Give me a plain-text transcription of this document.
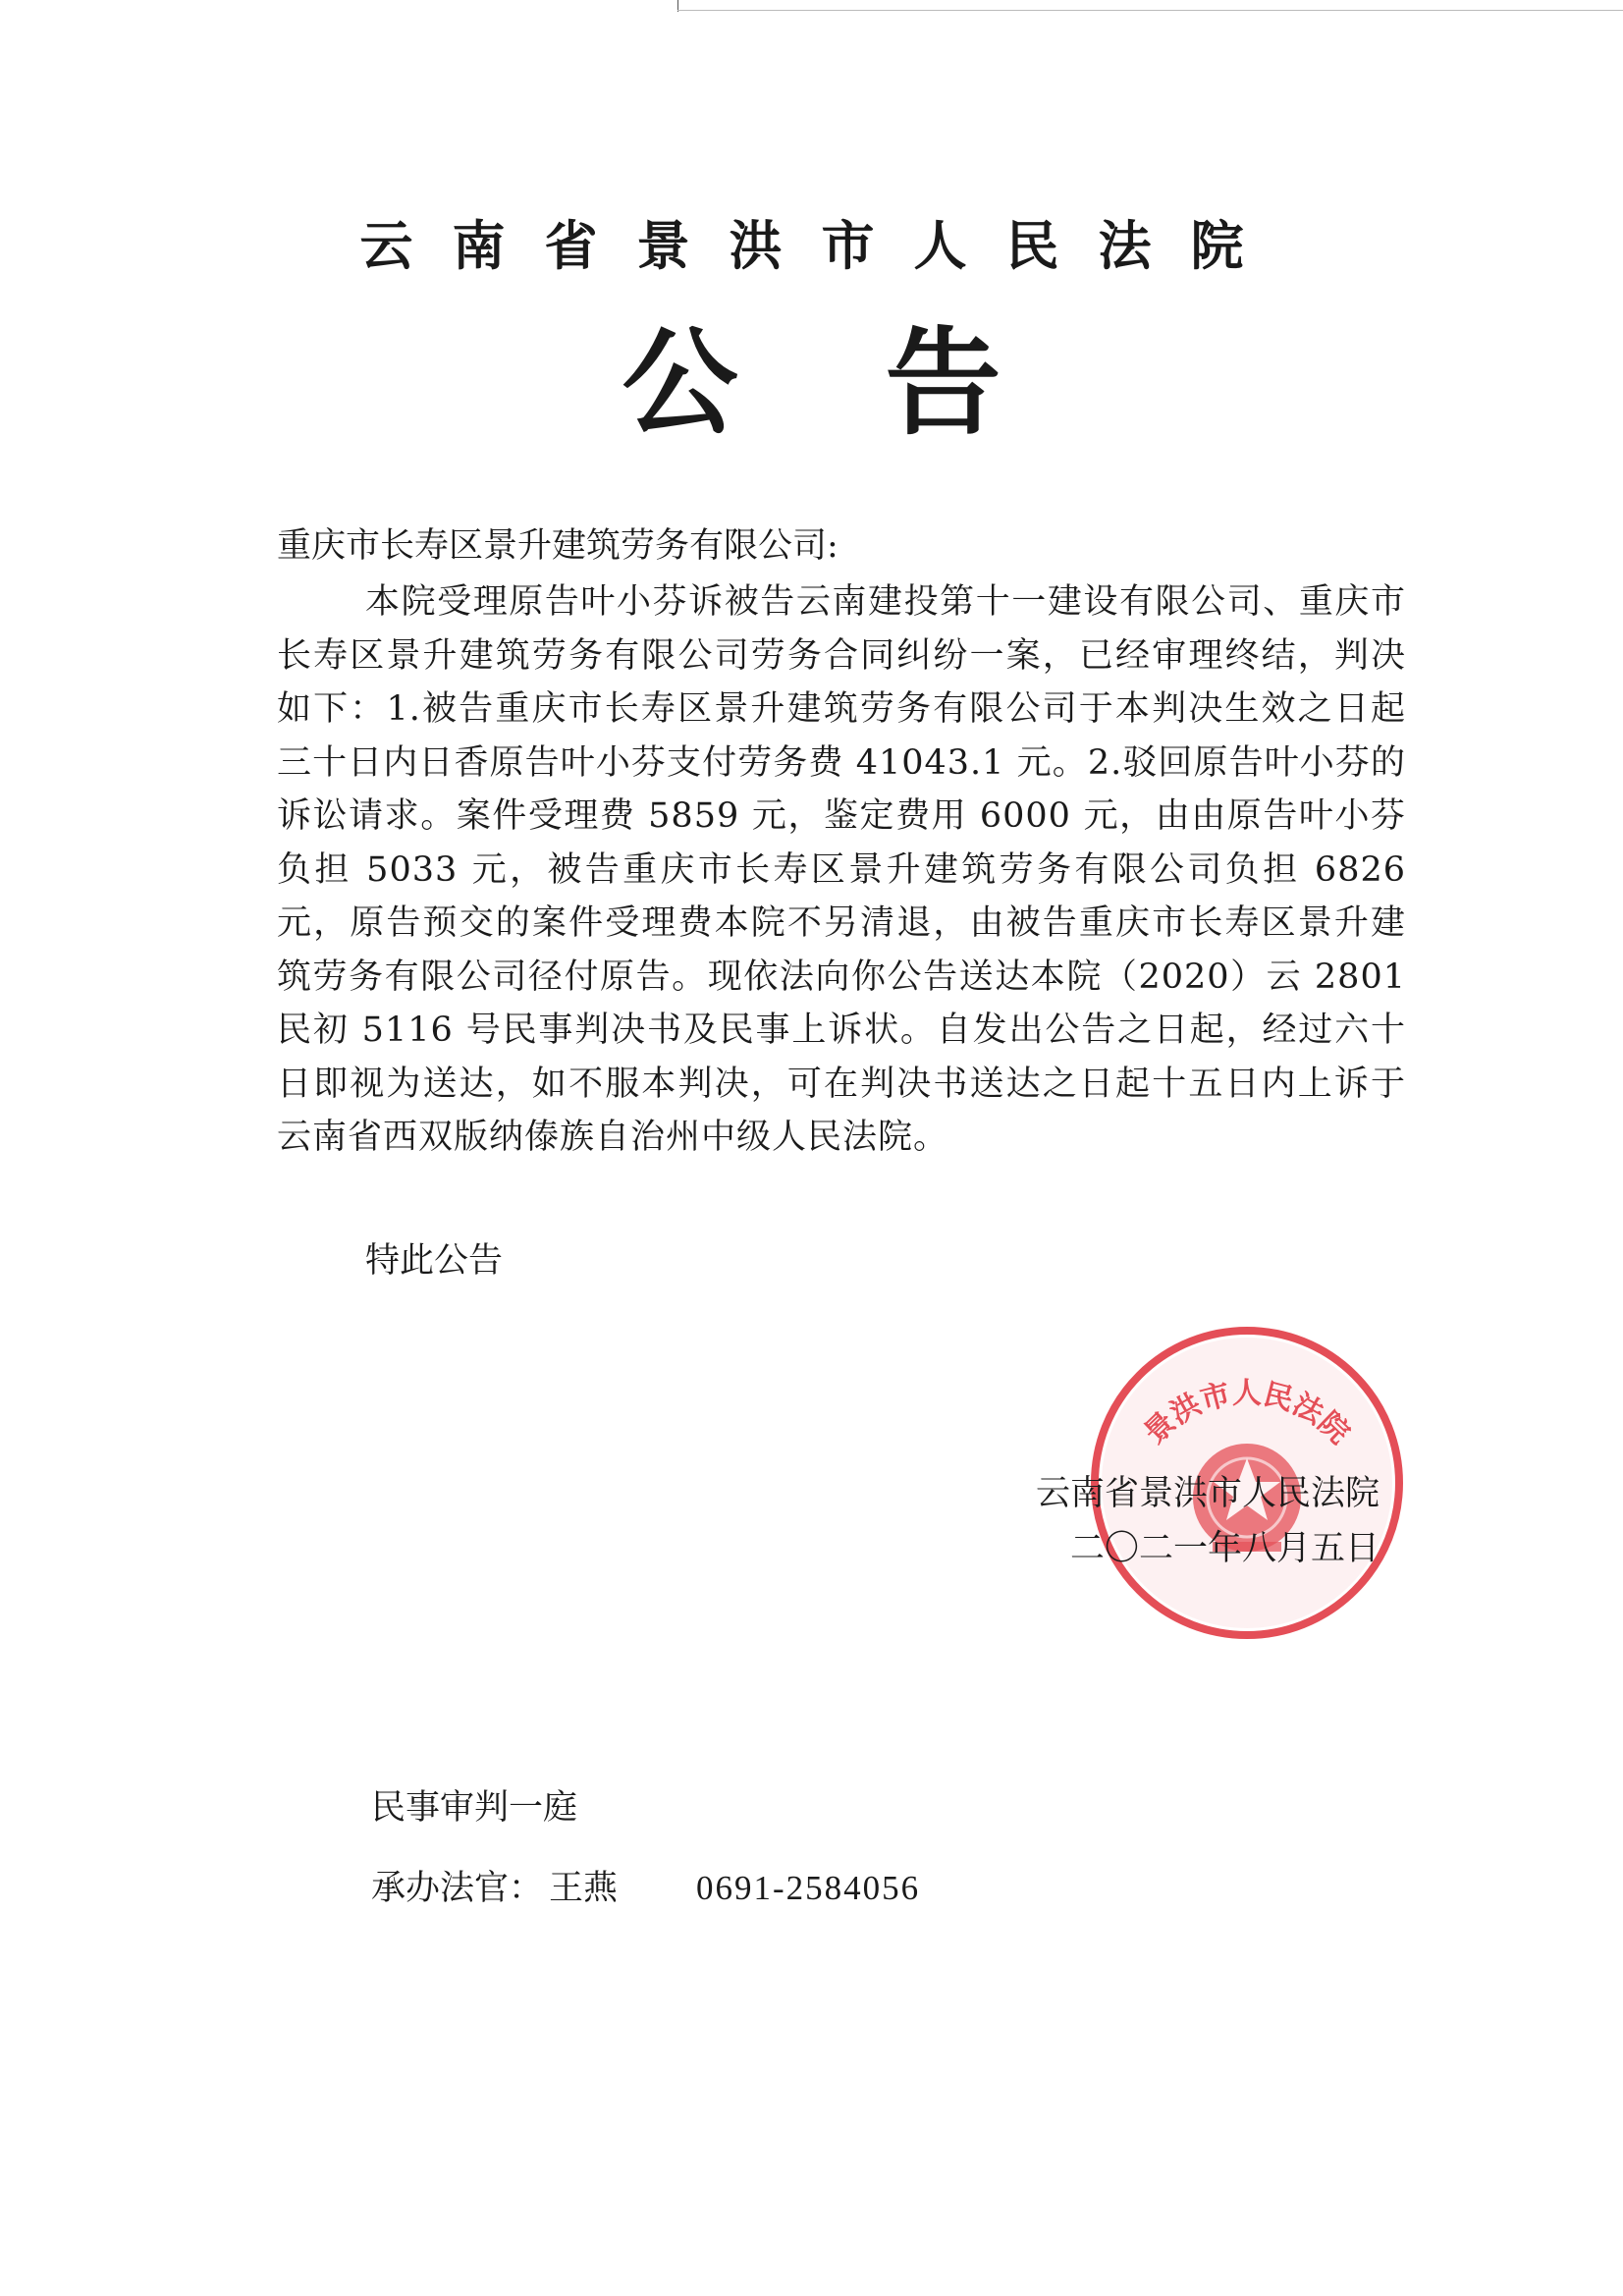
云南省景洪市人民法院
公告
重庆市长寿区景升建筑劳务有限公司:
本院受理原告叶小芬诉被告云南建投第十一建设有限公司、重庆市长寿区景升建筑劳务有限公司劳务合同纠纷一案，已经审理终结，判决如下：1.被告重庆市长寿区景升建筑劳务有限公司于本判决生效之日起三十日内日香原告叶小芬支付劳务费 41043.1 元。2.驳回原告叶小芬的诉讼请求。案件受理费 5859 元，鉴定费用 6000 元，由由原告叶小芬负担 5033 元，被告重庆市长寿区景升建筑劳务有限公司负担 6826 元，原告预交的案件受理费本院不另清退，由被告重庆市长寿区景升建筑劳务有限公司径付原告。现依法向你公告送达本院（2020）云 2801 民初 5116 号民事判决书及民事上诉状。自发出公告之日起，经过六十日即视为送达，如不服本判决，可在判决书送达之日起十五日内上诉于云南省西双版纳傣族自治州中级人民法院。
特此公告
景洪市人民法院
云南省景洪市人民法院
二〇二一年八月五日
民事审判一庭
承办法官： 王燕 0691-2584056
